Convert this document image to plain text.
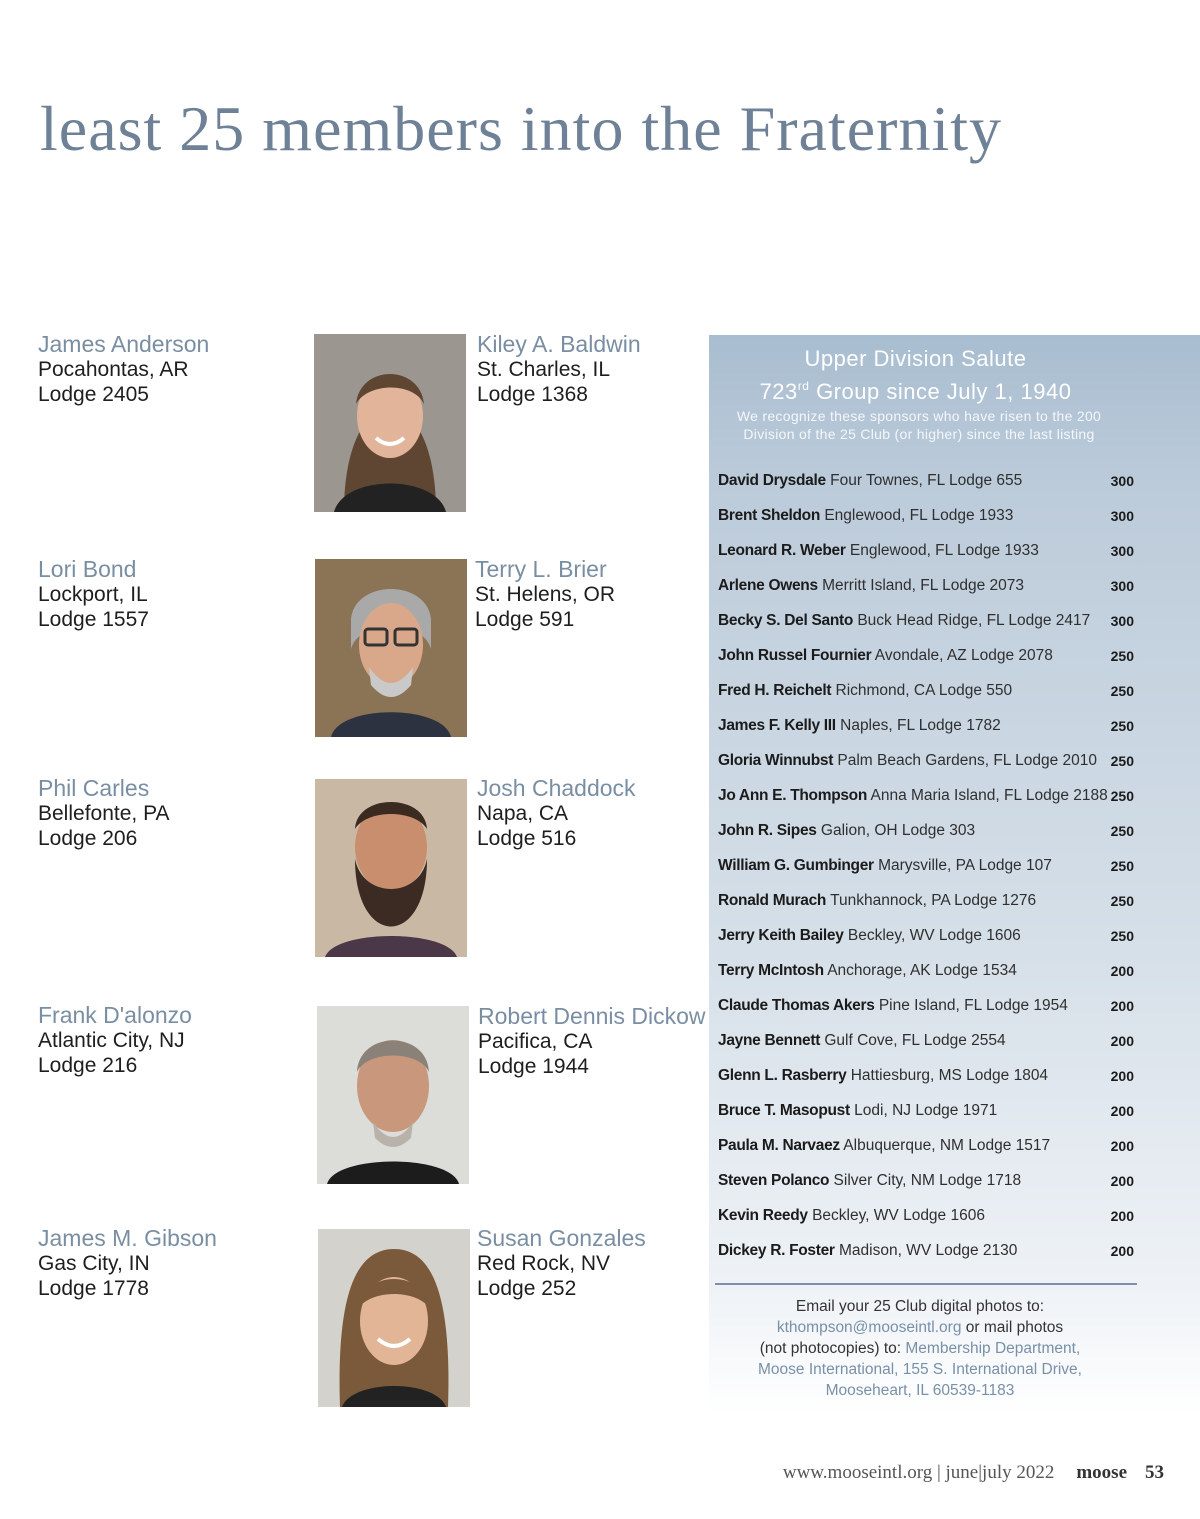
least 25 members into the Fraternity
James Anderson
Pocahontas, AR
Lodge 2405
Kiley A. Baldwin
St. Charles, IL
Lodge 1368
Lori Bond
Lockport, IL
Lodge 1557
Terry L. Brier
St. Helens, OR
Lodge 591
Phil Carles
Bellefonte, PA
Lodge 206
Josh Chaddock
Napa, CA
Lodge 516
Frank D'alonzo
Atlantic City, NJ
Lodge 216
Robert Dennis Dickow
Pacifica, CA
Lodge 1944
James M. Gibson
Gas City, IN
Lodge 1778
Susan Gonzales
Red Rock, NV
Lodge 252
Upper Division Salute
723rd Group since July 1, 1940
We recognize these sponsors who have risen to the 200 Division of the 25 Club (or higher) since the last listing
David Drysdale Four Townes, FL Lodge 655	300
Brent Sheldon Englewood, FL Lodge 1933	300
Leonard R. Weber Englewood, FL Lodge 1933	300
Arlene Owens Merritt Island, FL Lodge 2073	300
Becky S. Del Santo Buck Head Ridge, FL Lodge 2417 300
John Russel Fournier Avondale, AZ Lodge 2078	250
Fred H. Reichelt Richmond, CA Lodge 550	250
James F. Kelly III Naples, FL Lodge 1782	250
Gloria Winnubst Palm Beach Gardens, FL Lodge 2010 250
Jo Ann E. Thompson Anna Maria Island, FL Lodge 2188 250
John R. Sipes Galion, OH Lodge 303	250
William G. Gumbinger Marysville, PA Lodge 107	250
Ronald Murach Tunkhannock, PA Lodge 1276	250
Jerry Keith Bailey Beckley, WV Lodge 1606	250
Terry McIntosh Anchorage, AK Lodge 1534	200
Claude Thomas Akers Pine Island, FL Lodge 1954	200
Jayne Bennett Gulf Cove, FL Lodge 2554	200
Glenn L. Rasberry Hattiesburg, MS Lodge 1804	200
Bruce T. Masopust Lodi, NJ Lodge 1971	200
Paula M. Narvaez Albuquerque, NM Lodge 1517	200
Steven Polanco Silver City, NM Lodge 1718	200
Kevin Reedy Beckley, WV Lodge 1606	200
Dickey R. Foster Madison, WV Lodge 2130	200
Email your 25 Club digital photos to:
kthompson@mooseintl.org or mail photos
(not photocopies) to: Membership Department,
Moose International, 155 S. International Drive,
Mooseheart, IL 60539-1183
www.mooseintl.org | june|july 2022 moose 53
